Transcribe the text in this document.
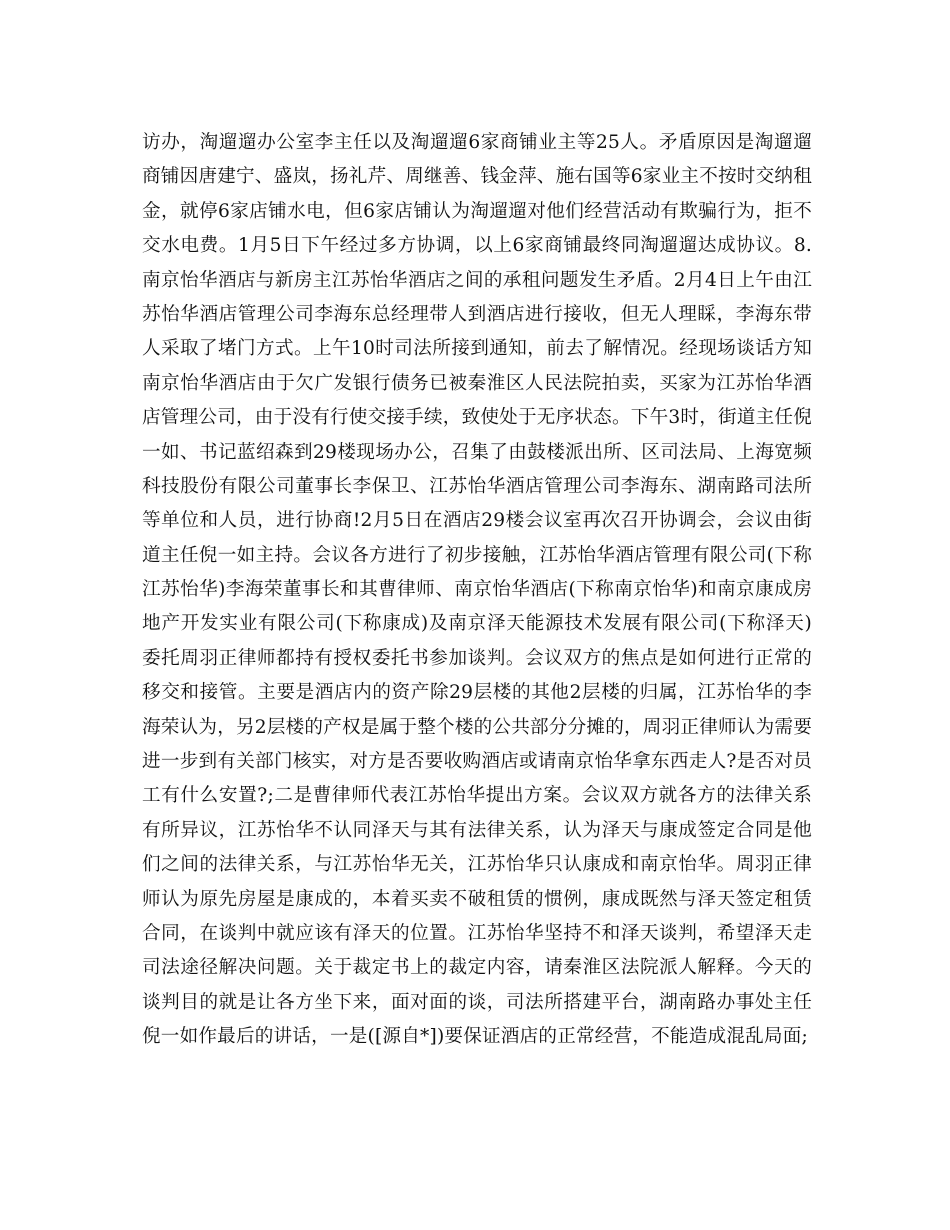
访办，淘遛遛办公室李主任以及淘遛遛6家商铺业主等25人。矛盾原因是淘遛遛
商铺因唐建宁、盛岚，扬礼芹、周继善、钱金萍、施右国等6家业主不按时交纳租
金，就停6家店铺水电，但6家店铺认为淘遛遛对他们经营活动有欺骗行为，拒不
交水电费。1月5日下午经过多方协调，以上6家商铺最终同淘遛遛达成协议。8.
南京怡华酒店与新房主江苏怡华酒店之间的承租问题发生矛盾。2月4日上午由江
苏怡华酒店管理公司李海东总经理带人到酒店进行接收，但无人理睬，李海东带
人采取了堵门方式。上午10时司法所接到通知，前去了解情况。经现场谈话方知
南京怡华酒店由于欠广发银行债务已被秦淮区人民法院拍卖，买家为江苏怡华酒
店管理公司，由于没有行使交接手续，致使处于无序状态。下午3时，街道主任倪
一如、书记蓝绍森到29楼现场办公，召集了由鼓楼派出所、区司法局、上海宽频
科技股份有限公司董事长李保卫、江苏怡华酒店管理公司李海东、湖南路司法所
等单位和人员，进行协商!2月5日在酒店29楼会议室再次召开协调会，会议由街
道主任倪一如主持。会议各方进行了初步接触，江苏怡华酒店管理有限公司(下称
江苏怡华)李海荣董事长和其曹律师、南京怡华酒店(下称南京怡华)和南京康成房
地产开发实业有限公司(下称康成)及南京泽天能源技术发展有限公司(下称泽天)
委托周羽正律师都持有授权委托书参加谈判。会议双方的焦点是如何进行正常的
移交和接管。主要是酒店内的资产除29层楼的其他2层楼的归属，江苏怡华的李
海荣认为，另2层楼的产权是属于整个楼的公共部分分摊的，周羽正律师认为需要
进一步到有关部门核实，对方是否要收购酒店或请南京怡华拿东西走人?是否对员
工有什么安置?;二是曹律师代表江苏怡华提出方案。会议双方就各方的法律关系
有所异议，江苏怡华不认同泽天与其有法律关系，认为泽天与康成签定合同是他
们之间的法律关系，与江苏怡华无关，江苏怡华只认康成和南京怡华。周羽正律
师认为原先房屋是康成的，本着买卖不破租赁的惯例，康成既然与泽天签定租赁
合同，在谈判中就应该有泽天的位置。江苏怡华坚持不和泽天谈判，希望泽天走
司法途径解决问题。关于裁定书上的裁定内容，请秦淮区法院派人解释。今天的
谈判目的就是让各方坐下来，面对面的谈，司法所搭建平台，湖南路办事处主任
倪一如作最后的讲话，一是([源自*])要保证酒店的正常经营，不能造成混乱局面;
